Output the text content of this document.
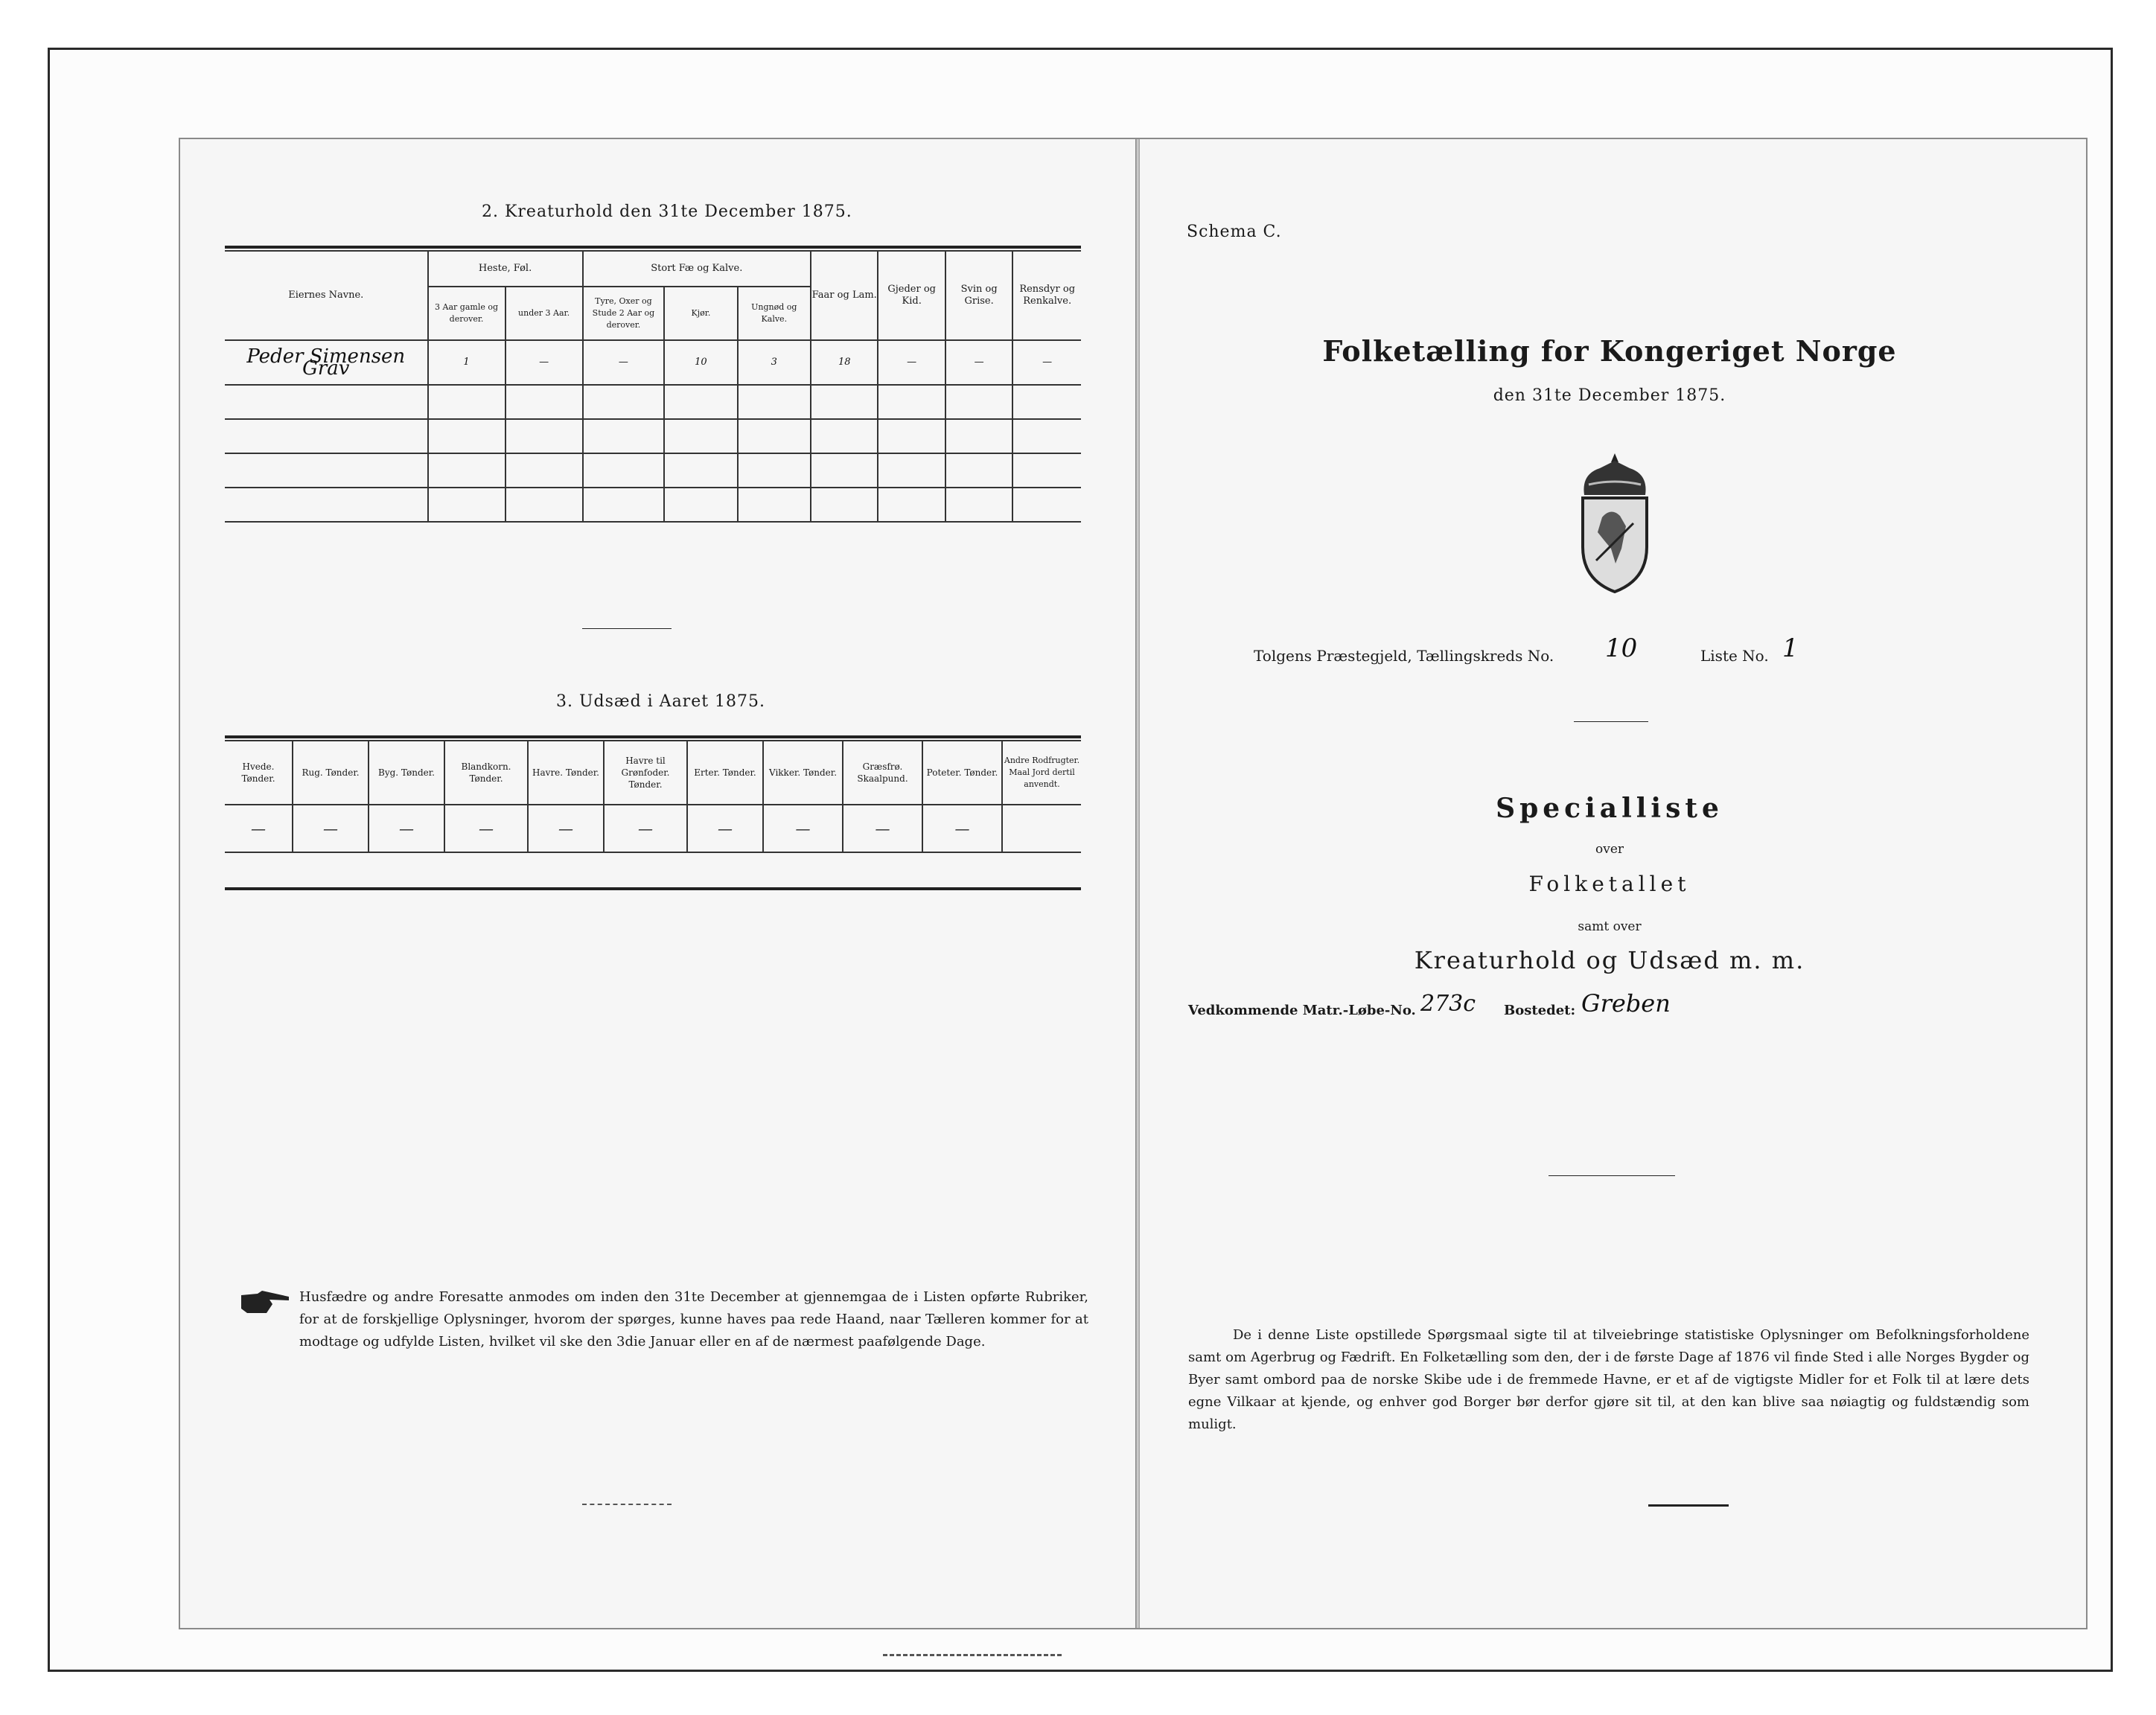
2. Kreaturhold den 31te December 1875.
Eiernes Navne.	Heste, Føl.		Stort Fæ og Kalve.			Faar og Lam.	Gjeder og Kid.	Svin og Grise.	Rensdyr og Renkalve.
	3 Aar gamle og derover.	under 3 Aar.	Tyre, Oxer og Stude 2 Aar og derover.	Kjør.	Ungnød og Kalve.				
Peder Simensen Grav	1	—	—	10	3	18	—	—	—

3. Udsæd i Aaret 1875.
Hvede. Tønder.	Rug. Tønder.	Byg. Tønder.	Blandkorn. Tønder.	Havre. Tønder.	Havre til Grønfoder. Tønder.	Erter. Tønder.	Vikker. Tønder.	Græsfrø. Skaalpund.	Poteter. Tønder.	Andre Rodfrugter. Maal Jord dertil anvendt.
—	—	—	—	—	—	—	—	—	—	
Husfædre og andre Foresatte anmodes om inden den 31te December at gjennemgaa de i Listen opførte Rubriker, for at de forskjellige Oplysninger, hvorom der spørges, kunne haves paa rede Haand, naar Tælleren kommer for at modtage og udfylde Listen, hvilket vil ske den 3die Januar eller en af de nærmest paafølgende Dage.
Schema C.
Folketælling for Kongeriget Norge
den 31te December 1875.
Tolgens Præstegjeld, Tællingskreds No. 10	Liste No. 1
Specialliste
over
Folketallet
samt over
Kreaturhold og Udsæd m. m.
Vedkommende Matr.-Løbe-No. 273c Bostedet: Greben
De i denne Liste opstillede Spørgsmaal sigte til at tilveiebringe statistiske Oplysninger om Befolkningsforholdene samt om Agerbrug og Fædrift. En Folketælling som den, der i de første Dage af 1876 vil finde Sted i alle Norges Bygder og Byer samt ombord paa de norske Skibe ude i de fremmede Havne, er et af de vigtigste Midler for et Folk til at lære dets egne Vilkaar at kjende, og enhver god Borger bør derfor gjøre sit til, at den kan blive saa nøiagtig og fuldstændig som muligt.
